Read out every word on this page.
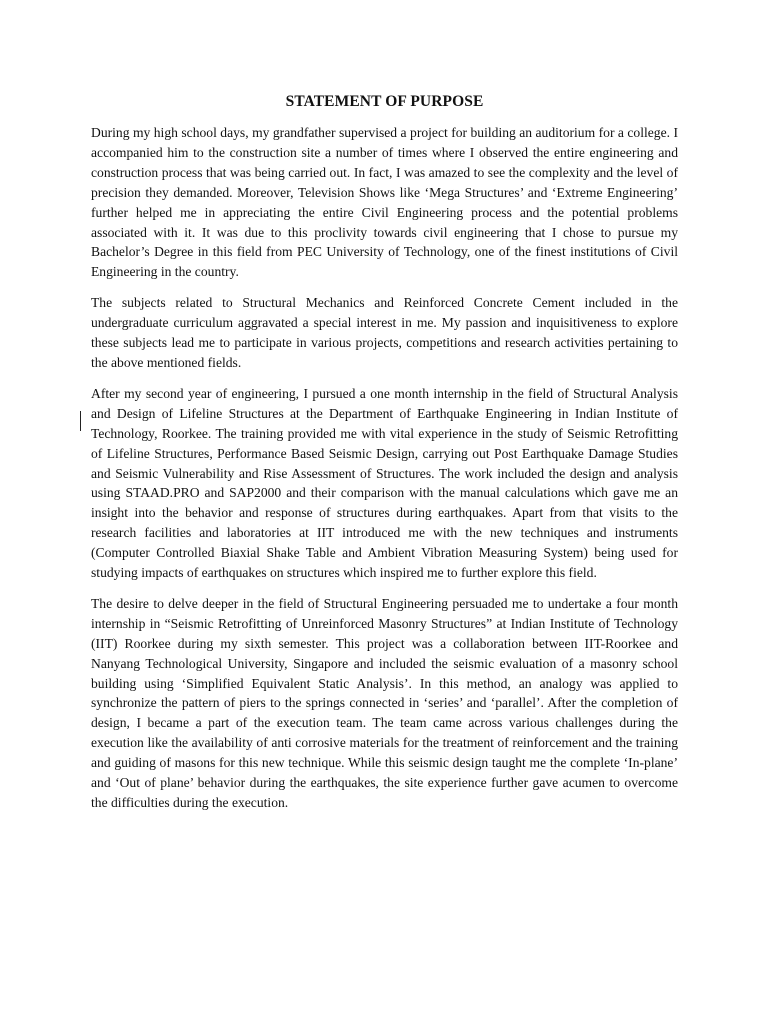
STATEMENT OF PURPOSE

During my high school days, my grandfather supervised a project for building an auditorium for a college. I accompanied him to the construction site a number of times where I observed the entire engineering and construction process that was being carried out. In fact, I was amazed to see the complexity and the level of precision they demanded. Moreover, Television Shows like ‘Mega Structures’ and ‘Extreme Engineering’ further helped me in appreciating the entire Civil Engineering process and the potential problems associated with it. It was due to this proclivity towards civil engineering that I chose to pursue my Bachelor’s Degree in this field from PEC University of Technology, one of the finest institutions of Civil Engineering in the country.

The subjects related to Structural Mechanics and Reinforced Concrete Cement included in the undergraduate curriculum aggravated a special interest in me. My passion and inquisitiveness to explore these subjects lead me to participate in various projects, competitions and research activities pertaining to the above mentioned fields.

After my second year of engineering, I pursued a one month internship in the field of Structural Analysis and Design of Lifeline Structures at the Department of Earthquake Engineering in Indian Institute of Technology, Roorkee. The training provided me with vital experience in the study of Seismic Retrofitting of Lifeline Structures, Performance Based Seismic Design, carrying out Post Earthquake Damage Studies and Seismic Vulnerability and Rise Assessment of Structures. The work included the design and analysis using STAAD.PRO and SAP2000 and their comparison with the manual calculations which gave me an insight into the behavior and response of structures during earthquakes. Apart from that visits to the research facilities and laboratories at IIT introduced me with the new techniques and instruments (Computer Controlled Biaxial Shake Table and Ambient Vibration Measuring System) being used for studying impacts of earthquakes on structures which inspired me to further explore this field.

The desire to delve deeper in the field of Structural Engineering persuaded me to undertake a four month internship in “Seismic Retrofitting of Unreinforced Masonry Structures” at Indian Institute of Technology (IIT) Roorkee during my sixth semester. This project was a collaboration between IIT-Roorkee and Nanyang Technological University, Singapore and included the seismic evaluation of a masonry school building using ‘Simplified Equivalent Static Analysis’. In this method, an analogy was applied to synchronize the pattern of piers to the springs connected in ‘series’ and ‘parallel’. After the completion of design, I became a part of the execution team. The team came across various challenges during the execution like the availability of anti corrosive materials for the treatment of reinforcement and the training and guiding of masons for this new technique. While this seismic design taught me the complete ‘In-plane’ and ‘Out of plane’ behavior during the earthquakes, the site experience further gave acumen to overcome the difficulties during the execution.
